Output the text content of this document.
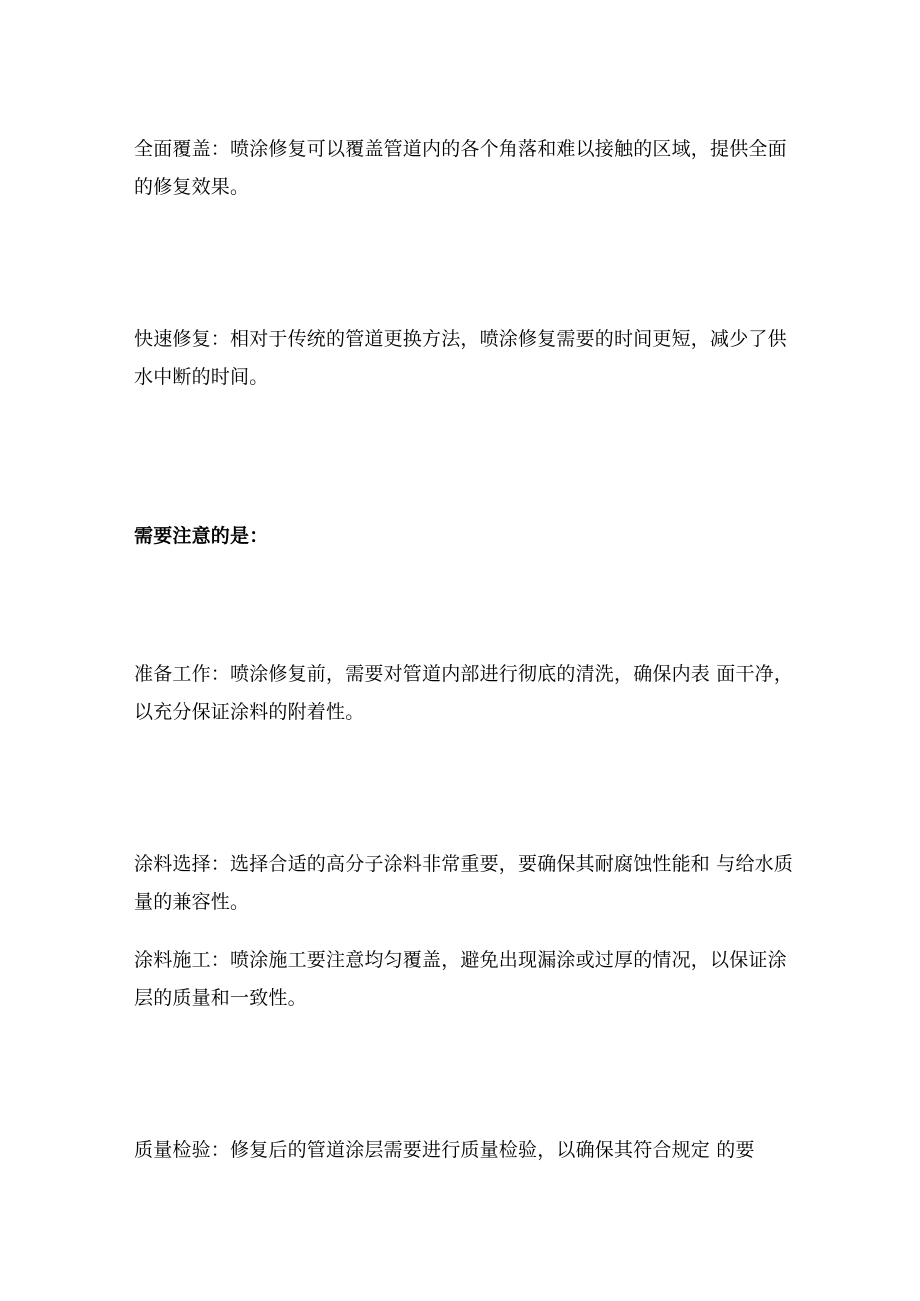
全面覆盖：喷涂修复可以覆盖管道内的各个角落和难以接触的区域，提供全面的修复效果。

快速修复：相对于传统的管道更换方法，喷涂修复需要的时间更短，减少了供水中断的时间。

需要注意的是：

准备工作：喷涂修复前，需要对管道内部进行彻底的清洗，确保内表 面干净，以充分保证涂料的附着性。

涂料选择：选择合适的高分子涂料非常重要，要确保其耐腐蚀性能和 与给水质量的兼容性。

涂料施工：喷涂施工要注意均匀覆盖，避免出现漏涂或过厚的情况，以保证涂层的质量和一致性。

质量检验：修复后的管道涂层需要进行质量检验，以确保其符合规定 的要
